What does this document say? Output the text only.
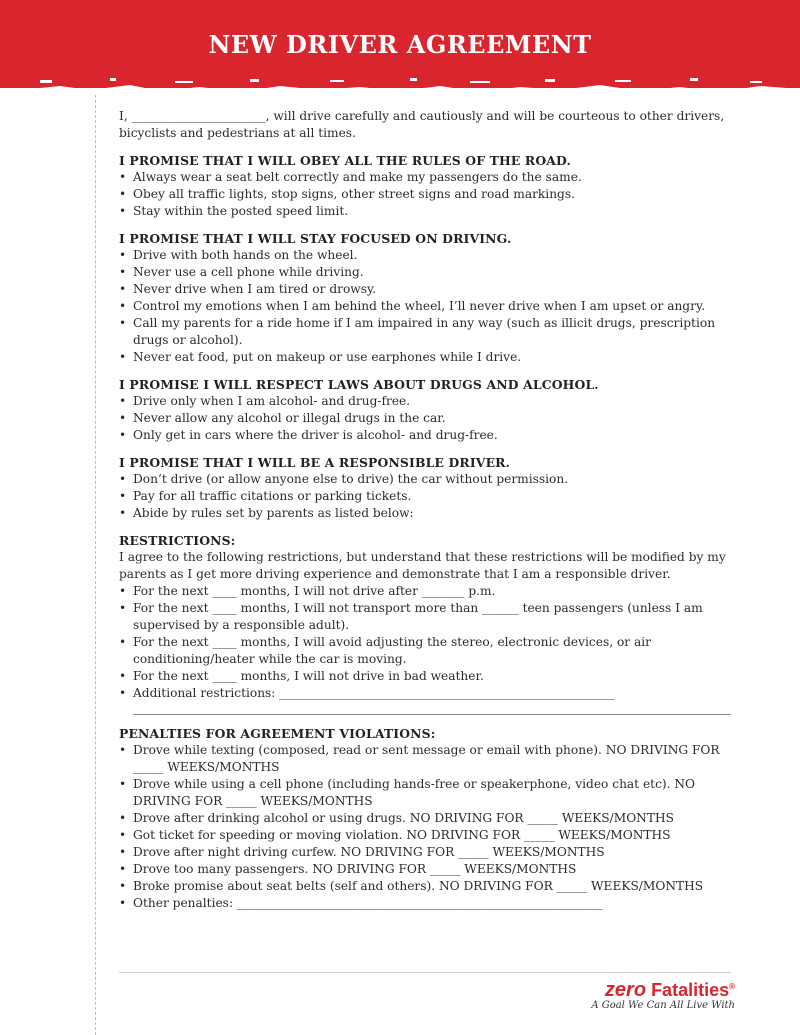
NEW DRIVER AGREEMENT

I, ______________________, will drive carefully and cautiously and will be courteous to other drivers, bicyclists and pedestrians at all times.

I PROMISE THAT I WILL OBEY ALL THE RULES OF THE ROAD.

• Always wear a seat belt correctly and make my passengers do the same.
• Obey all traffic lights, stop signs, other street signs and road markings.
• Stay within the posted speed limit.

I PROMISE THAT I WILL STAY FOCUSED ON DRIVING.

• Drive with both hands on the wheel.
• Never use a cell phone while driving.
• Never drive when I am tired or drowsy.
• Control my emotions when I am behind the wheel, I’ll never drive when I am upset or angry.
• Call my parents for a ride home if I am impaired in any way (such as illicit drugs, prescription drugs or alcohol).
• Never eat food, put on makeup or use earphones while I drive.

I PROMISE I WILL RESPECT LAWS ABOUT DRUGS AND ALCOHOL.

• Drive only when I am alcohol- and drug-free.
• Never allow any alcohol or illegal drugs in the car.
• Only get in cars where the driver is alcohol- and drug-free.

I PROMISE THAT I WILL BE A RESPONSIBLE DRIVER.

• Don’t drive (or allow anyone else to drive) the car without permission.
• Pay for all traffic citations or parking tickets.
• Abide by rules set by parents as listed below:

RESTRICTIONS:

I agree to the following restrictions, but understand that these restrictions will be modified by my parents as I get more driving experience and demonstrate that I am a responsible driver.

• For the next ____ months, I will not drive after _______ p.m.
• For the next ____ months, I will not transport more than ______ teen passengers (unless I am supervised by a responsible adult).
• For the next ____ months, I will avoid adjusting the stereo, electronic devices, or air conditioning/heater while the car is moving.
• For the next ____ months, I will not drive in bad weather.
• Additional restrictions: _______________________________________________________

PENALTIES FOR AGREEMENT VIOLATIONS:

• Drove while texting (composed, read or sent message or email with phone). NO DRIVING FOR _____ WEEKS/MONTHS
• Drove while using a cell phone (including hands-free or speakerphone, video chat etc). NO DRIVING FOR _____ WEEKS/MONTHS
• Drove after drinking alcohol or using drugs. NO DRIVING FOR _____ WEEKS/MONTHS
• Got ticket for speeding or moving violation. NO DRIVING FOR _____ WEEKS/MONTHS
• Drove after night driving curfew. NO DRIVING FOR _____ WEEKS/MONTHS
• Drove too many passengers. NO DRIVING FOR _____ WEEKS/MONTHS
• Broke promise about seat belts (self and others). NO DRIVING FOR _____ WEEKS/MONTHS
• Other penalties: ____________________________________________________________
zero Fatalities®
A Goal We Can All Live With
